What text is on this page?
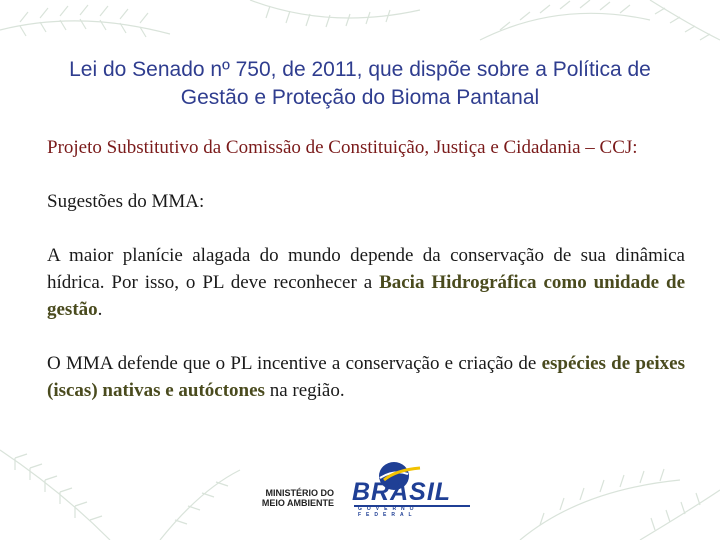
Lei do Senado nº 750, de 2011, que dispõe sobre a Política de Gestão e Proteção do Bioma Pantanal

Projeto Substitutivo da Comissão de Constituição, Justiça e Cidadania – CCJ:

Sugestões do MMA:

A maior planície alagada do mundo depende da conservação de sua dinâmica hídrica. Por isso, o PL deve reconhecer a Bacia Hidrográfica como unidade de gestão.

O MMA defende que o PL incentive a conservação e criação de espécies de peixes (iscas) nativas e autóctones na região.

MINISTÉRIO DO
MEIO AMBIENTE BRASIL
GOVERNO FEDERAL
